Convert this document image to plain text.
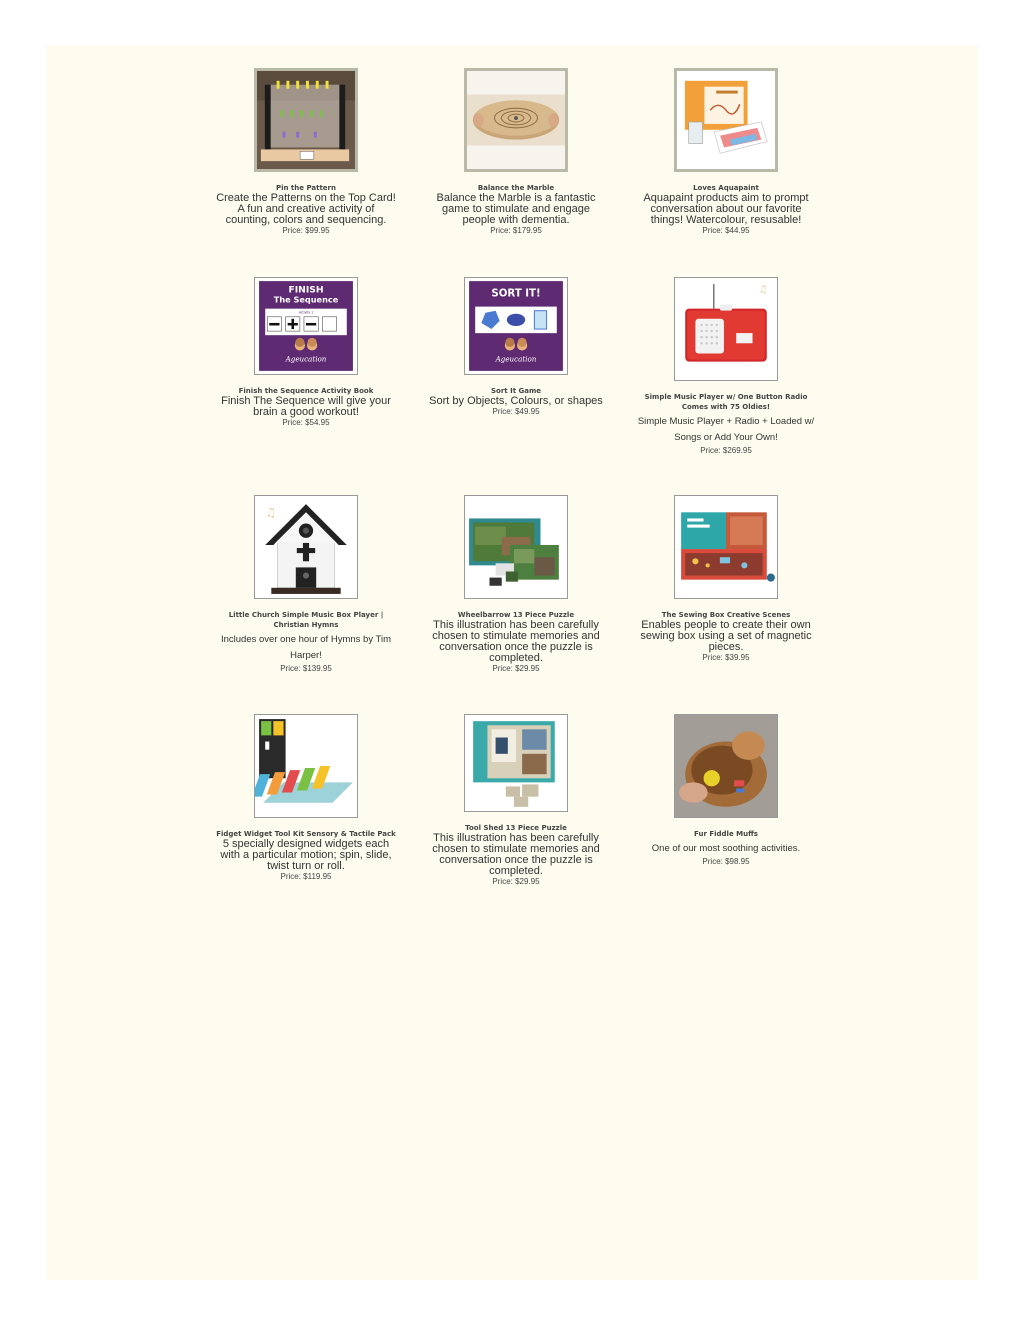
Pin the Pattern
Create the Patterns on the Top Card! A fun and creative activity of counting, colors and sequencing.
Price: $99.95
Balance the Marble
Balance the Marble is a fantastic game to stimulate and engage people with dementia.
Price: $179.95
Loves Aquapaint
Aquapaint products aim to prompt conversation about our favorite things! Watercolour, resusable!
Price: $44.95
FINISH
The Sequence
Activity 1
Ageucation
Finish the Sequence Activity Book
Finish The Sequence will give your brain a good workout!
Price: $54.95
SORT IT!
Ageucation
Sort It Game
Sort by Objects, Colours, or shapes
Price: $49.95
♫
Simple Music Player w/ One Button Radio Comes with 75 Oldies!
Simple Music Player + Radio + Loaded w/ Songs or Add Your Own!
Price: $269.95
♫
Little Church Simple Music Box Player | Christian Hymns
Includes over one hour of Hymns by Tim Harper!
Price: $139.95
Wheelbarrow 13 Piece Puzzle
This illustration has been carefully chosen to stimulate memories and conversation once the puzzle is completed.
Price: $29.95
The Sewing Box Creative Scenes
Enables people to create their own sewing box using a set of magnetic pieces.
Price: $39.95
Fidget Widget Tool Kit Sensory & Tactile Pack
5 specially designed widgets each with a particular motion; spin, slide, twist turn or roll.
Price: $119.95
Tool Shed 13 Piece Puzzle
This illustration has been carefully chosen to stimulate memories and conversation once the puzzle is completed.
Price: $29.95
Fur Fiddle Muffs
One of our most soothing activities.
Price: $98.95
